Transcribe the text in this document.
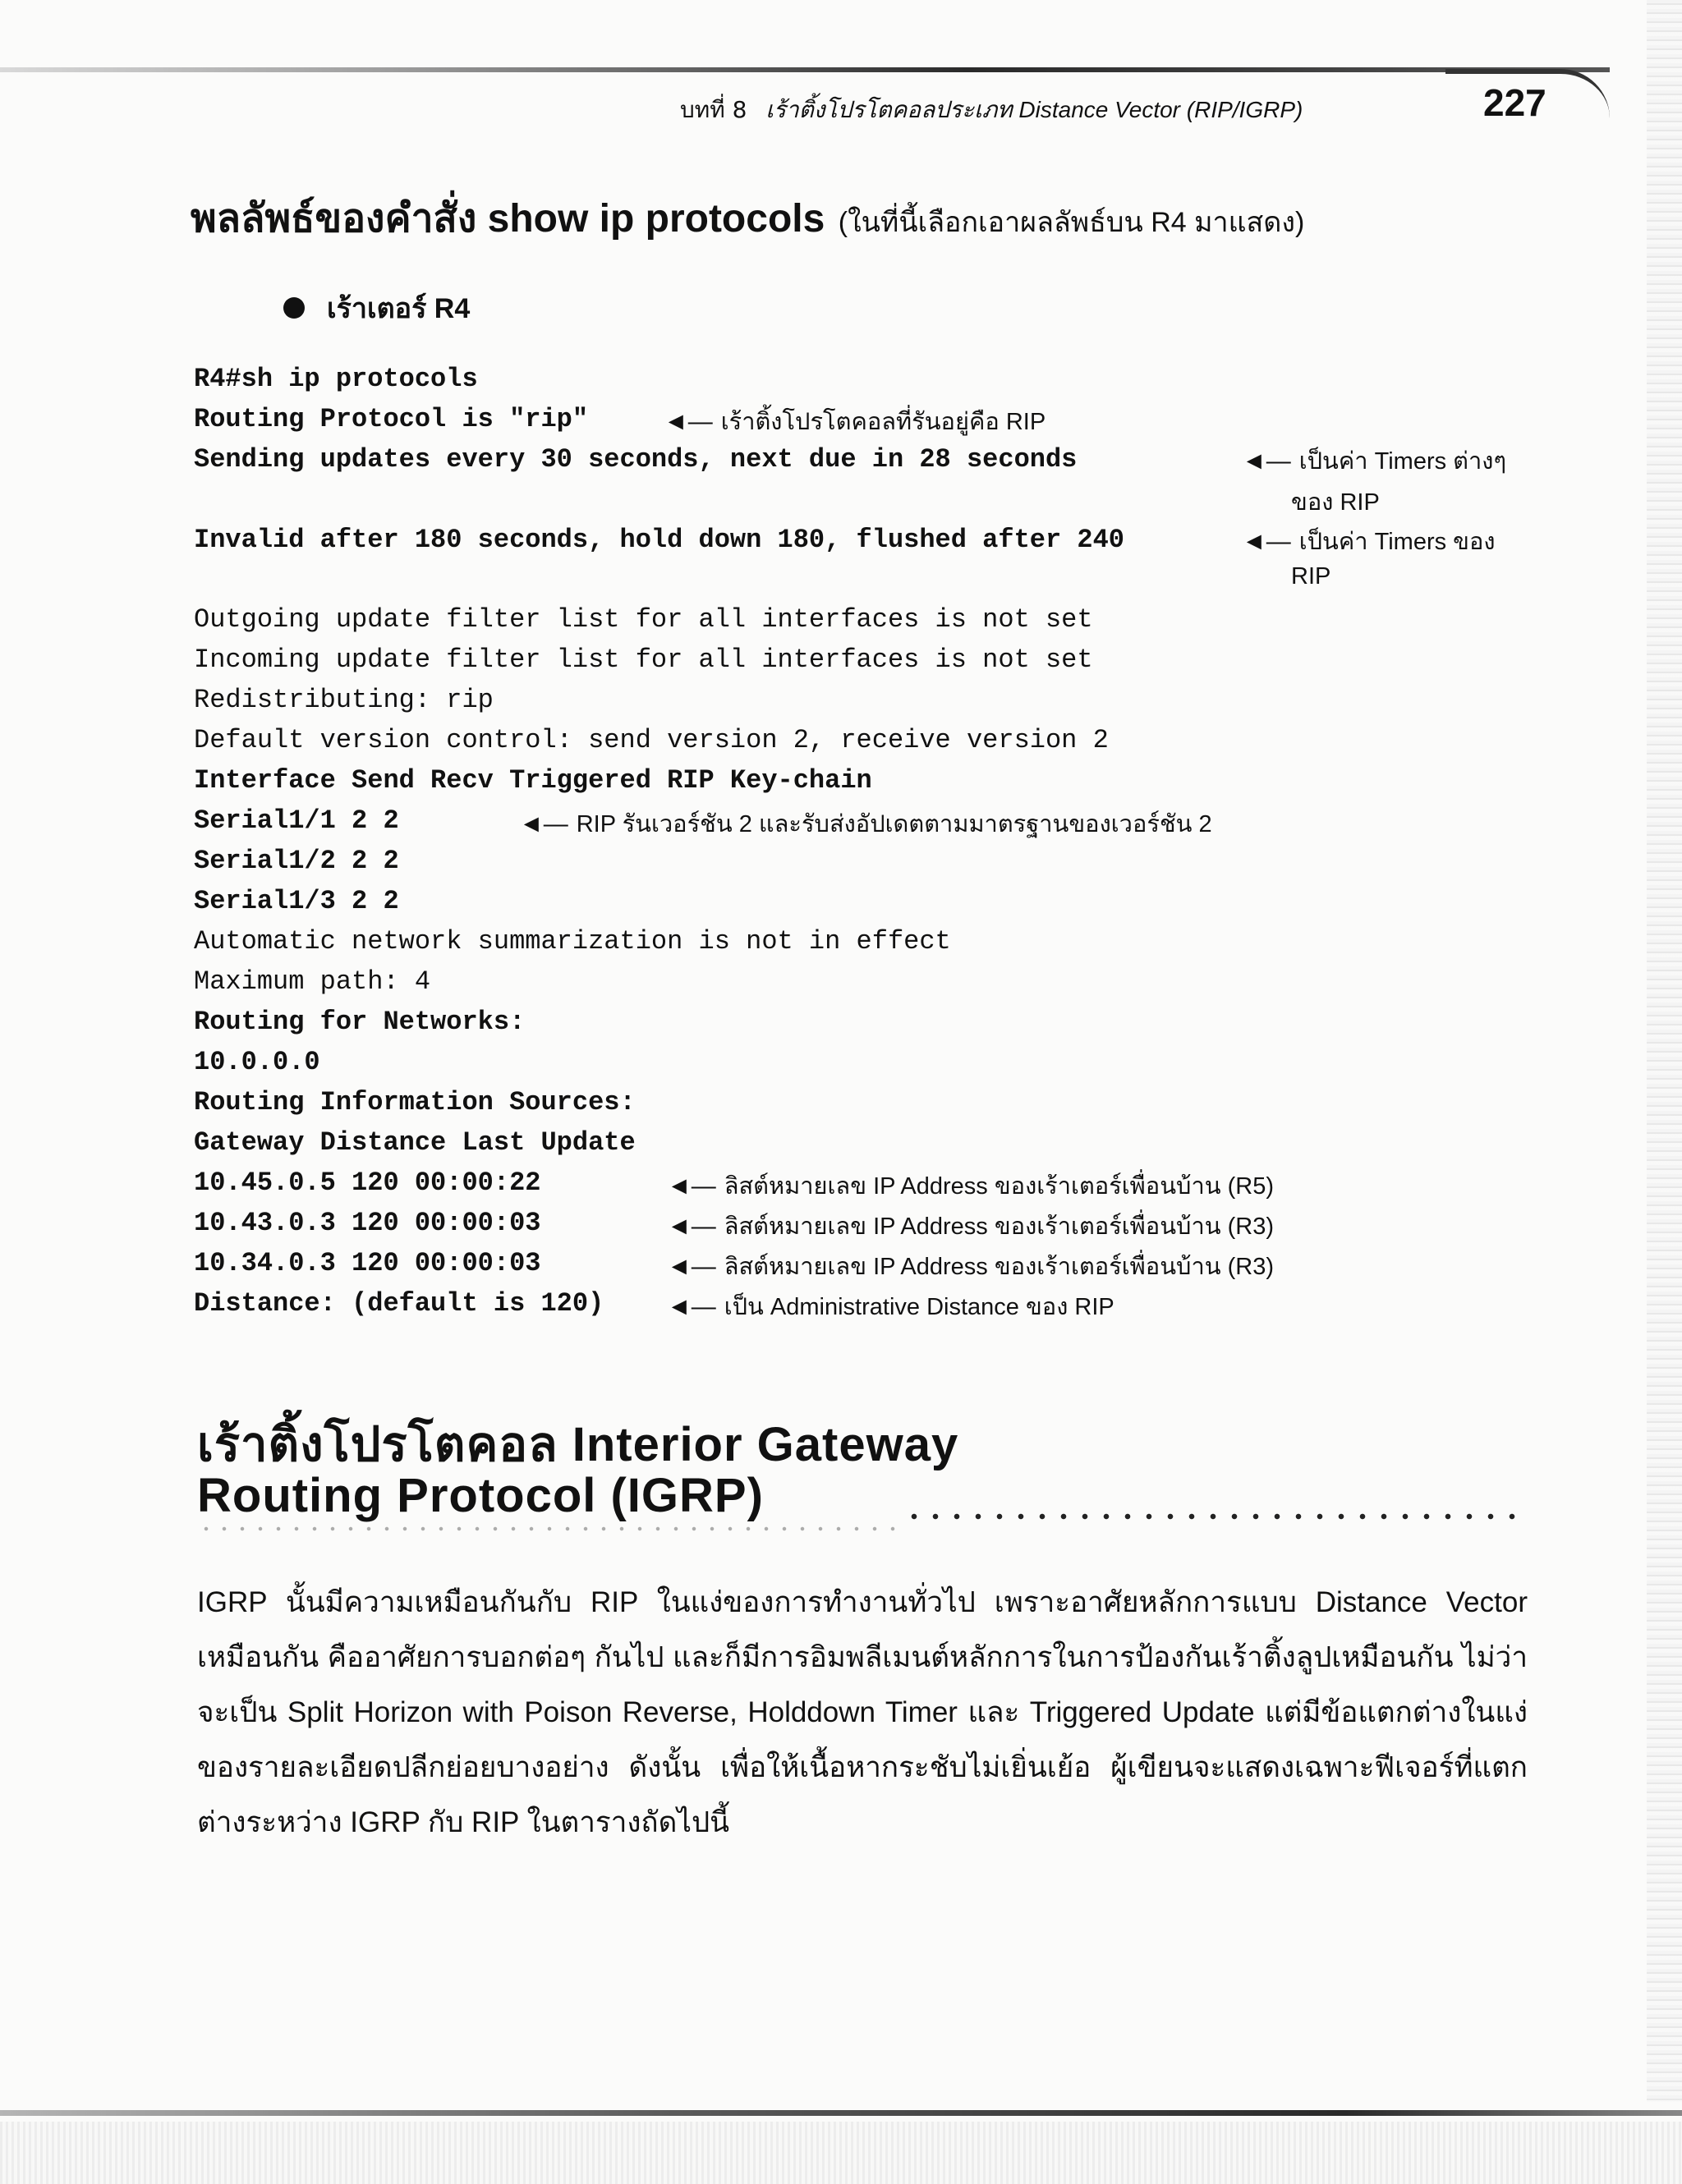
บทที่ 8 เร้าติ้งโปรโตคอลประเภท Distance Vector (RIP/IGRP)	227
พลลัพธ์ของคำสั่ง show ip protocols (ในที่นี้เลือกเอาผลลัพธ์บน R4 มาแสดง)
เร้าเตอร์ R4
R4#sh ip protocols
Routing Protocol is "rip"
Sending updates every 30 seconds, next due in 28 seconds
Invalid after 180 seconds, hold down 180, flushed after 240
Outgoing update filter list for all interfaces is not set
Incoming update filter list for all interfaces is not set
Redistributing: rip
Default version control: send version 2, receive version 2
Interface Send Recv Triggered RIP Key-chain
Serial1/1 2 2
Serial1/2 2 2
Serial1/3 2 2
Automatic network summarization is not in effect
Maximum path: 4
Routing for Networks:
10.0.0.0
Routing Information Sources:
Gateway Distance Last Update
10.45.0.5 120 00:00:22
10.43.0.3 120 00:00:03
10.34.0.3 120 00:00:03
Distance: (default is 120)
◄— เร้าติ้งโปรโตคอลที่รันอยู่คือ RIP
◄— เป็นค่า Timers ต่างๆ
ของ RIP
◄— เป็นค่า Timers ของ
RIP
◄— RIP รันเวอร์ชัน 2 และรับส่งอัปเดตตามมาตรฐานของเวอร์ชัน 2
◄— ลิสต์หมายเลข IP Address ของเร้าเตอร์เพื่อนบ้าน (R5)
◄— ลิสต์หมายเลข IP Address ของเร้าเตอร์เพื่อนบ้าน (R3)
◄— ลิสต์หมายเลข IP Address ของเร้าเตอร์เพื่อนบ้าน (R3)
◄— เป็น Administrative Distance ของ RIP
เร้าติ้งโปรโตคอล Interior Gateway
Routing Protocol (IGRP)
IGRP นั้นมีความเหมือนกันกับ RIP ในแง่ของการทำงานทั่วไป เพราะอาศัยหลักการแบบ Distance Vector เหมือนกัน คืออาศัยการบอกต่อๆ กันไป และก็มีการอิมพลีเมนต์หลักการในการป้องกันเร้าติ้งลูปเหมือนกัน ไม่ว่าจะเป็น Split Horizon with Poison Reverse, Holddown Timer และ Triggered Update แต่มีข้อแตกต่างในแง่ของรายละเอียดปลีกย่อยบางอย่าง ดังนั้น เพื่อให้เนื้อหากระชับไม่เยิ่นเย้อ ผู้เขียนจะแสดงเฉพาะฟีเจอร์ที่แตกต่างระหว่าง IGRP กับ RIP ในตารางถัดไปนี้
